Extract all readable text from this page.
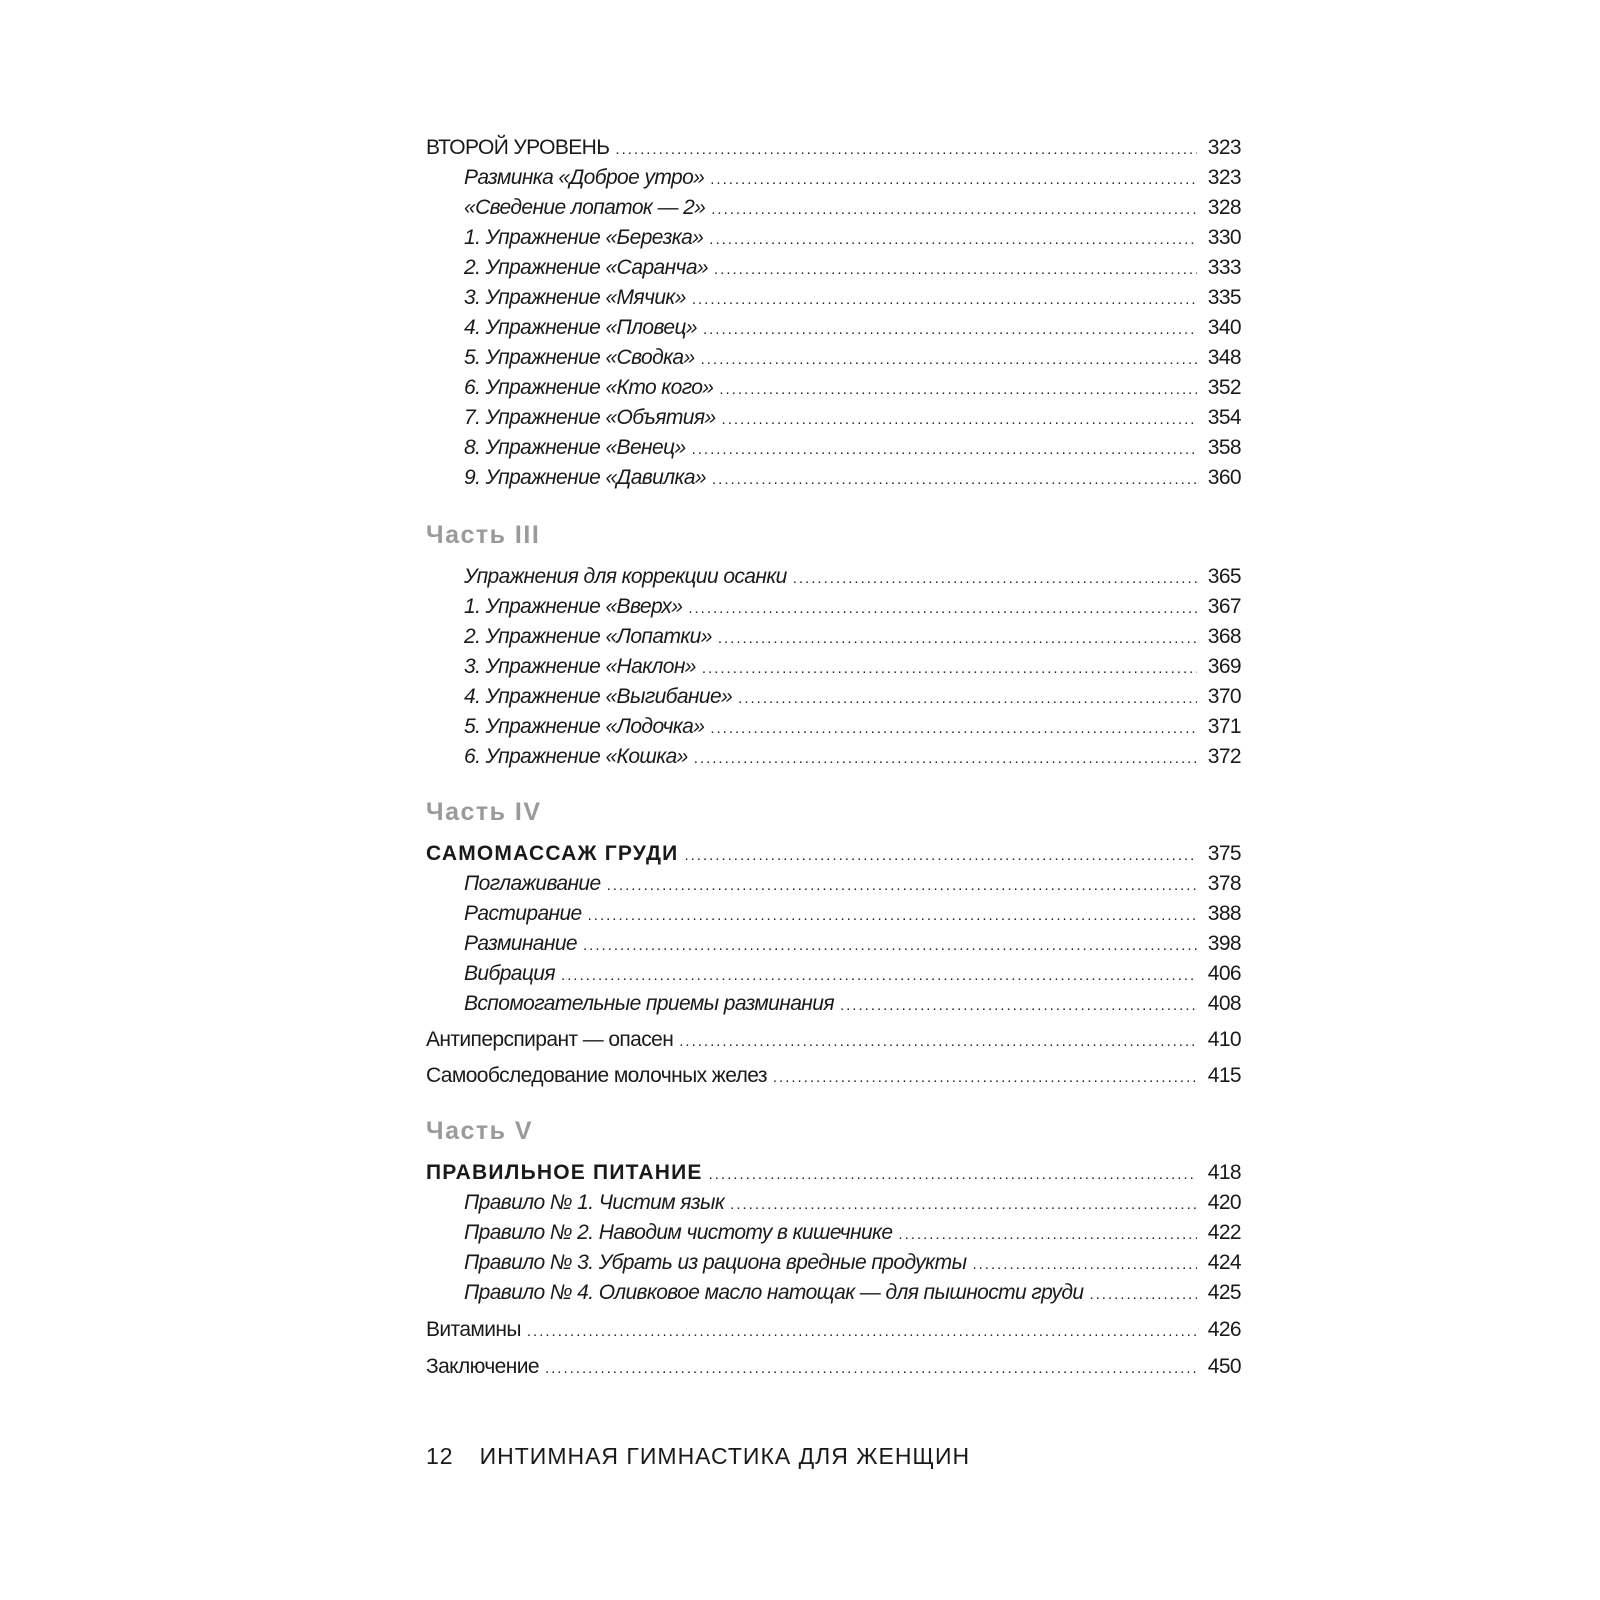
ВТОРОЙ УРОВЕНЬ .....	323
Разминка «Доброе утро» .....	323
«Сведение лопаток — 2» .....	328
1. Упражнение «Березка» .....	330
2. Упражнение «Саранча» .....	333
3. Упражнение «Мячик» .....	335
4. Упражнение «Пловец» .....	340
5. Упражнение «Сводка» .....	348
6. Упражнение «Кто кого» .....	352
7. Упражнение «Объятия» .....	354
8. Упражнение «Венец» .....	358
9. Упражнение «Давилка» .....	360
Часть III
Упражнения для коррекции осанки .....	365
1. Упражнение «Вверх» .....	367
2. Упражнение «Лопатки» .....	368
3. Упражнение «Наклон» .....	369
4. Упражнение «Выгибание» .....	370
5. Упражнение «Лодочка» .....	371
6. Упражнение «Кошка» .....	372
Часть IV
САМОМАССАЖ ГРУДИ .....	375
Поглаживание .....	378
Растирание .....	388
Разминание .....	398
Вибрация .....	406
Вспомогательные приемы разминания .....	408
Антиперспирант — опасен .....	410
Самообследование молочных желез .....	415
Часть V
ПРАВИЛЬНОЕ ПИТАНИЕ .....	418
Правило № 1. Чистим язык .....	420
Правило № 2. Наводим чистоту в кишечнике .....	422
Правило № 3. Убрать из рациона вредные продукты .....	424
Правило № 4. Оливковое масло натощак — для пышности груди .....	425
Витамины .....	426
Заключение .....	450
12 ИНТИМНАЯ ГИМНАСТИКА ДЛЯ ЖЕНЩИН
